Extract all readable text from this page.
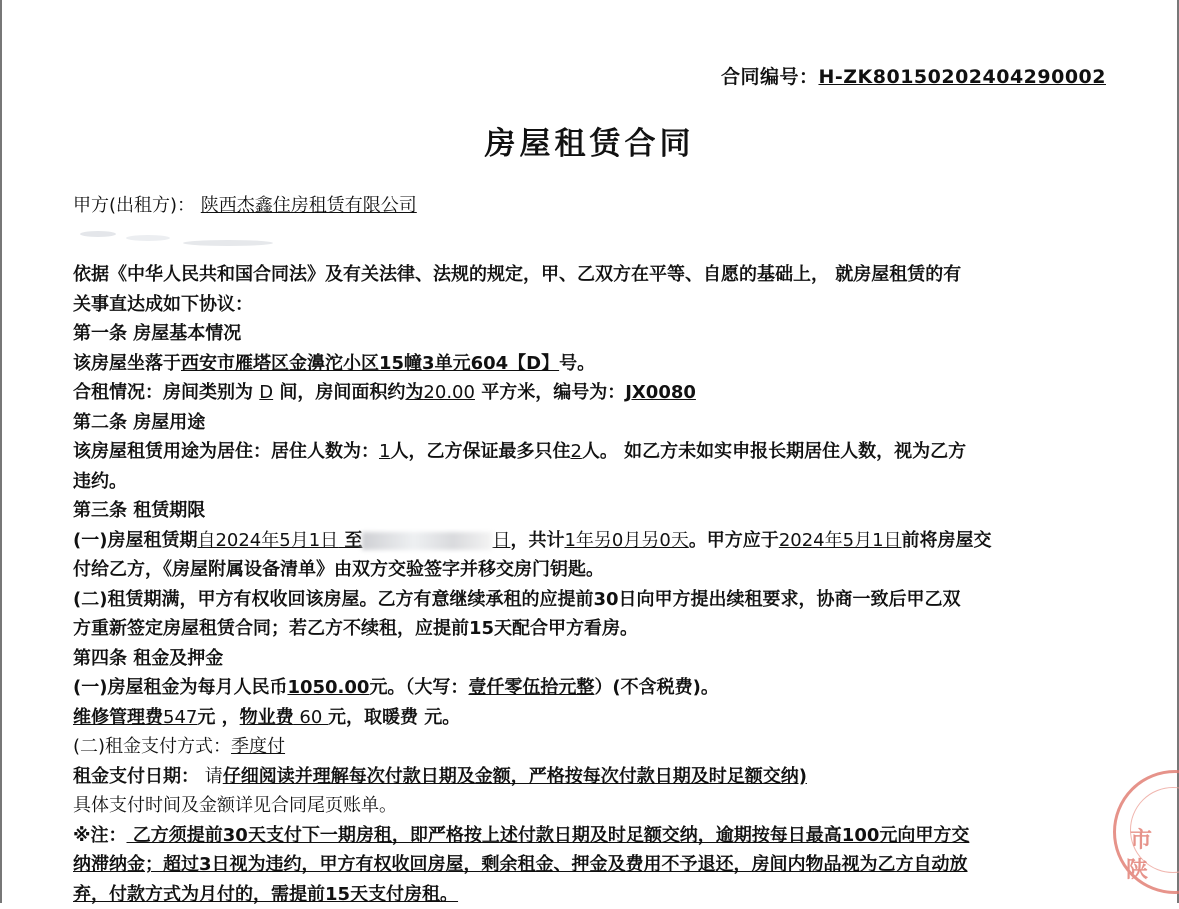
合同编号：H-ZK8015020240429​0002
房屋租赁合同
甲方(出租方)： 陕西杰鑫住房租赁有限公司
依据《中华人民共和国合同法》及有关法律、法规的规定，甲、乙双方在平等、自愿的基础上， 就房屋租赁的有
关事直达成如下协议：
第一条 房屋基本情况
该房屋坐落于西安市雁塔区金濞沱小区15幢3单元604【D】号。
合租情况：房间类别为 D 间，房间面积约为20.00 平方米，编号为：JX0080
第二条 房屋用途
该房屋租赁用途为居住：居住人数为：1人，乙方保证最多只住2人。 如乙方未如实申报长期居住人数，视为乙方
违约。
第三条 租赁期限
(一)房屋租赁期自2024年5月1日 至	日，共计1年另0月另0天。甲方应于2024年5月1日前将房屋交
付给乙方，《房屋附属设备清单》由双方交验签字并移交房门钥匙。
(二)租赁期满，甲方有权收回该房屋。乙方有意继续承租的应提前30日向甲方提出续租要求，协商一致后甲乙双
方重新签定房屋租赁合同；若乙方不续租，应提前15天配合甲方看房。
第四条 租金及押金
(一)房屋租金为每月人民币1050.00元。（大写：壹仟零伍拾元整）(不含税费)。
维修管理费547元 ，物业费 60 元，取暖费 元。
(二)租金支付方式：季度付
租金支付日期： 请仔细阅读并理解每次付款日期及金额，严格按每次付款日期及时足额交纳)
具体支付时间及金额详见合同尾页账单。
※注： 乙方须提前30天支付下一期房租，即严格按上述付款日期及时足额交纳，逾期按每日最高100元向甲方交
纳滞纳金；超过3日视为违约，甲方有权收回房屋，剩余租金、押金及费用不予退还，房间内物品视为乙方自动放
弃，付款方式为月付的，需提前15天支付房租。
市
陕
